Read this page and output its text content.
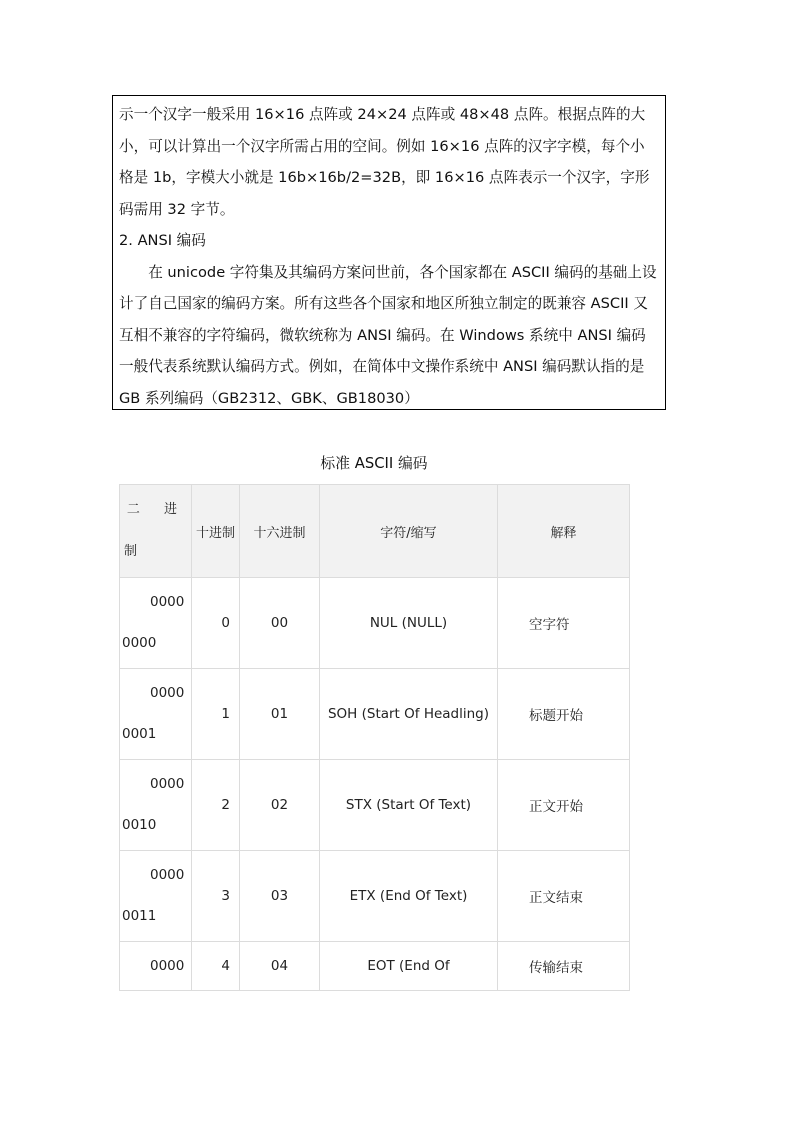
示一个汉字一般采用 16×16 点阵或 24×24 点阵或 48×48 点阵。根据点阵的大小，可以计算出一个汉字所需占用的空间。例如 16×16 点阵的汉字字模，每个小格是 1b，字模大小就是 16b×16b/2=32B，即 16×16 点阵表示一个汉字，字形码需用 32 字节。

2. ANSI 编码

在 unicode 字符集及其编码方案问世前，各个国家都在 ASCII 编码的基础上设计了自己国家的编码方案。所有这些各个国家和地区所独立制定的既兼容 ASCII 又互相不兼容的字符编码，微软统称为 ANSI 编码。在 Windows 系统中 ANSI 编码一般代表系统默认编码方式。例如，在简体中文操作系统中 ANSI 编码默认指的是 GB 系列编码（GB2312、GBK、GB18030）

标准 ASCII 编码
二 进
制	十进制	十六进制	字符/缩写	解释

0000
0000	0	00	NUL (NULL)	空字符

0000
0001	1	01	SOH (Start Of Headling)	标题开始

0000
0010	2	02	STX (Start Of Text)	正文开始

0000
0011	3	03	ETX (End Of Text)	正文结束

0000	4	04	EOT (End Of	传输结束
